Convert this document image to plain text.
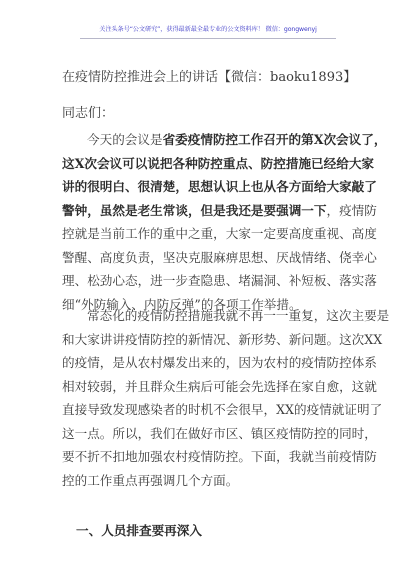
关注头条号“公文研究”，获得最新最全最专业的公文资料库！ 微信：gongwenyj
在疫情防控推进会上的讲话【微信：baoku1893】
同志们：
今天的会议是省委疫情防控工作召开的第X次会议了，
这X次会议可以说把各种防控重点、防控措施已经给大家
讲的很明白、很清楚，思想认识上也从各方面给大家敲了
警钟，虽然是老生常谈，但是我还是要强调一下，疫情防
控就是当前工作的重中之重，大家一定要高度重视、高度
警醒、高度负责，坚决克服麻痹思想、厌战情绪、侥幸心
理、松劲心态，进一步查隐患、堵漏洞、补短板、落实落
细“外防输入、内防反弹”的各项工作举措。
常态化的疫情防控措施我就不再一一重复，这次主要是
和大家讲讲疫情防控的新情况、新形势、新问题。这次XX
的疫情，是从农村爆发出来的，因为农村的疫情防控体系
相对较弱，并且群众生病后可能会先选择在家自愈，这就
直接导致发现感染者的时机不会很早，XX的疫情就证明了
这一点。所以，我们在做好市区、镇区疫情防控的同时，
要不折不扣地加强农村疫情防控。下面，我就当前疫情防
控的工作重点再强调几个方面。
一、人员排查要再深入
